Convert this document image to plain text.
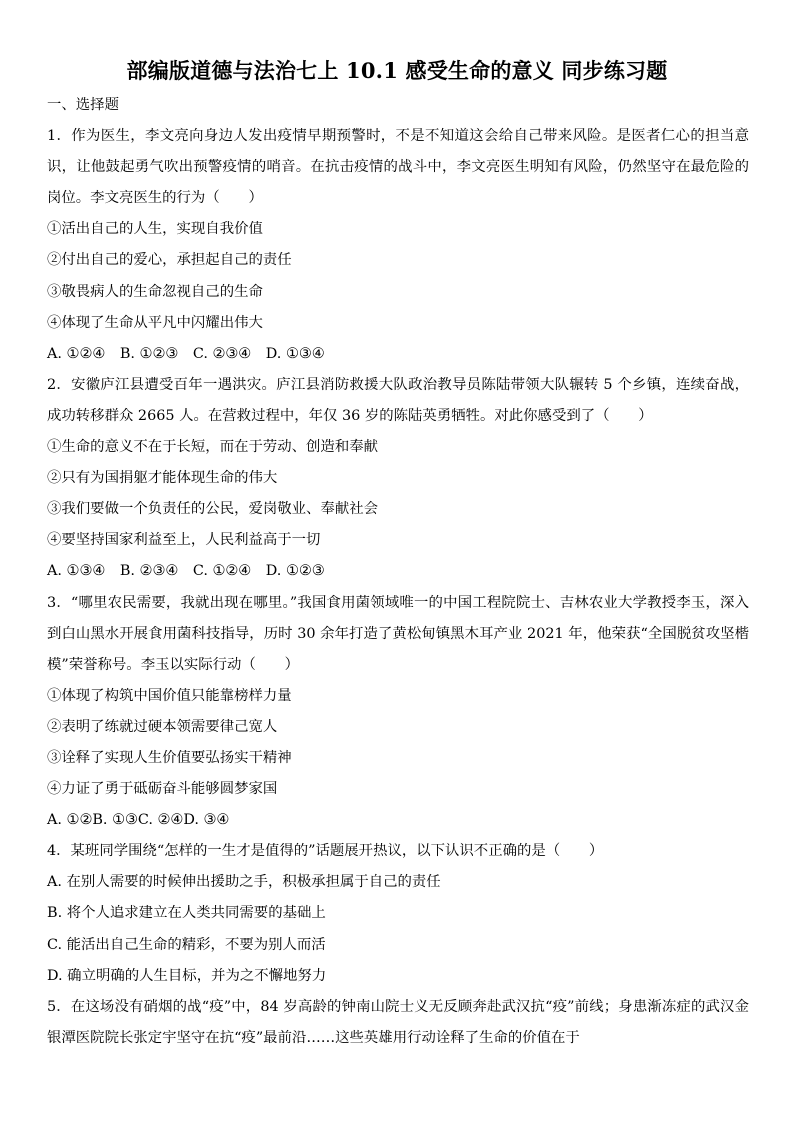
部编版道德与法治七上 10.1 感受生命的意义 同步练习题
一、选择题
1．作为医生，李文亮向身边人发出疫情早期预警时，不是不知道这会给自己带来风险。是医者仁心的担当意识，让他鼓起勇气吹出预警疫情的哨音。在抗击疫情的战斗中，李文亮医生明知有风险，仍然坚守在最危险的岗位。李文亮医生的行为（　　）
①活出自己的人生，实现自我价值
②付出自己的爱心，承担起自己的责任
③敬畏病人的生命忽视自己的生命
④体现了生命从平凡中闪耀出伟大
A. ①②④ B. ①②③ C. ②③④ D. ①③④
2．安徽庐江县遭受百年一遇洪灾。庐江县消防救援大队政治教导员陈陆带领大队辗转 5 个乡镇，连续奋战，成功转移群众 2665 人。在营救过程中，年仅 36 岁的陈陆英勇牺牲。对此你感受到了（　　）
①生命的意义不在于长短，而在于劳动、创造和奉献
②只有为国捐躯才能体现生命的伟大
③我们要做一个负责任的公民，爱岗敬业、奉献社会
④要坚持国家利益至上，人民利益高于一切
A. ①③④ B. ②③④ C. ①②④ D. ①②③
3．“哪里农民需要，我就出现在哪里。”我国食用菌领域唯一的中国工程院院士、吉林农业大学教授李玉，深入到白山黑水开展食用菌科技指导，历时 30 余年打造了黄松甸镇黑木耳产业 2021 年，他荣获“全国脱贫攻坚楷模”荣誉称号。李玉以实际行动（　　）
①体现了构筑中国价值只能靠榜样力量
②表明了练就过硬本领需要律己宽人
③诠释了实现人生价值要弘扬实干精神
④力证了勇于砥砺奋斗能够圆梦家国
A. ①②B. ①③C. ②④D. ③④
4．某班同学围绕“怎样的一生才是值得的”话题展开热议，以下认识不正确的是（　　）
A. 在别人需要的时候伸出援助之手，积极承担属于自己的责任
B. 将个人追求建立在人类共同需要的基础上
C. 能活出自己生命的精彩，不要为别人而活
D. 确立明确的人生目标，并为之不懈地努力
5．在这场没有硝烟的战“疫”中，84 岁高龄的钟南山院士义无反顾奔赴武汉抗“疫”前线；身患渐冻症的武汉金银潭医院院长张定宇坚守在抗“疫”最前沿……这些英雄用行动诠释了生命的价值在于
